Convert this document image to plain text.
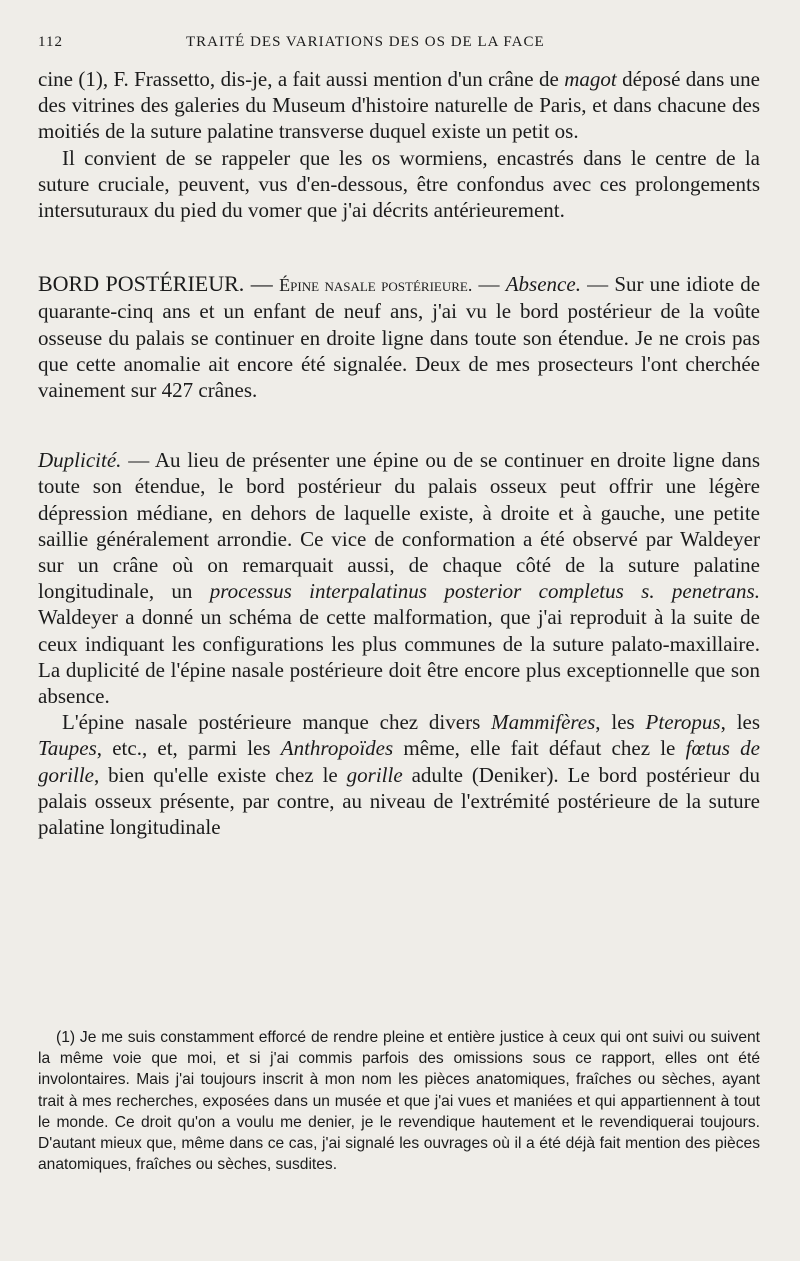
112	TRAITÉ DES VARIATIONS DES OS DE LA FACE

cine (1), F. Frassetto, dis-je, a fait aussi mention d'un crâne de magot déposé dans une des vitrines des galeries du Museum d'histoire naturelle de Paris, et dans chacune des moitiés de la suture palatine transverse duquel existe un petit os.

Il convient de se rappeler que les os wormiens, encastrés dans le centre de la suture cruciale, peuvent, vus d'en-dessous, être confondus avec ces prolongements intersuturaux du pied du vomer que j'ai décrits antérieurement.

BORD POSTÉRIEUR. — Épine nasale postérieure. — Absence. — Sur une idiote de quarante-cinq ans et un enfant de neuf ans, j'ai vu le bord postérieur de la voûte osseuse du palais se continuer en droite ligne dans toute son étendue. Je ne crois pas que cette anomalie ait encore été signalée. Deux de mes prosecteurs l'ont cherchée vainement sur 427 crânes.

Duplicité. — Au lieu de présenter une épine ou de se continuer en droite ligne dans toute son étendue, le bord postérieur du palais osseux peut offrir une légère dépression médiane, en dehors de laquelle existe, à droite et à gauche, une petite saillie généralement arrondie. Ce vice de conformation a été observé par Waldeyer sur un crâne où on remarquait aussi, de chaque côté de la suture palatine longitudinale, un processus interpalatinus posterior completus s. penetrans. Waldeyer a donné un schéma de cette malformation, que j'ai reproduit à la suite de ceux indiquant les configurations les plus communes de la suture palato-maxillaire. La duplicité de l'épine nasale postérieure doit être encore plus exceptionnelle que son absence.

L'épine nasale postérieure manque chez divers Mammifères, les Pteropus, les Taupes, etc., et, parmi les Anthropoïdes même, elle fait défaut chez le fœtus de gorille, bien qu'elle existe chez le gorille adulte (Deniker). Le bord postérieur du palais osseux présente, par contre, au niveau de l'extrémité postérieure de la suture palatine longitudinale

(1) Je me suis constamment efforcé de rendre pleine et entière justice à ceux qui ont suivi ou suivent la même voie que moi, et si j'ai commis parfois des omissions sous ce rapport, elles ont été involontaires. Mais j'ai toujours inscrit à mon nom les pièces anatomiques, fraîches ou sèches, ayant trait à mes recherches, exposées dans un musée et que j'ai vues et maniées et qui appartiennent à tout le monde. Ce droit qu'on a voulu me denier, je le revendique hautement et le revendiquerai toujours. D'autant mieux que, même dans ce cas, j'ai signalé les ouvrages où il a été déjà fait mention des pièces anatomiques, fraîches ou sèches, susdites.
